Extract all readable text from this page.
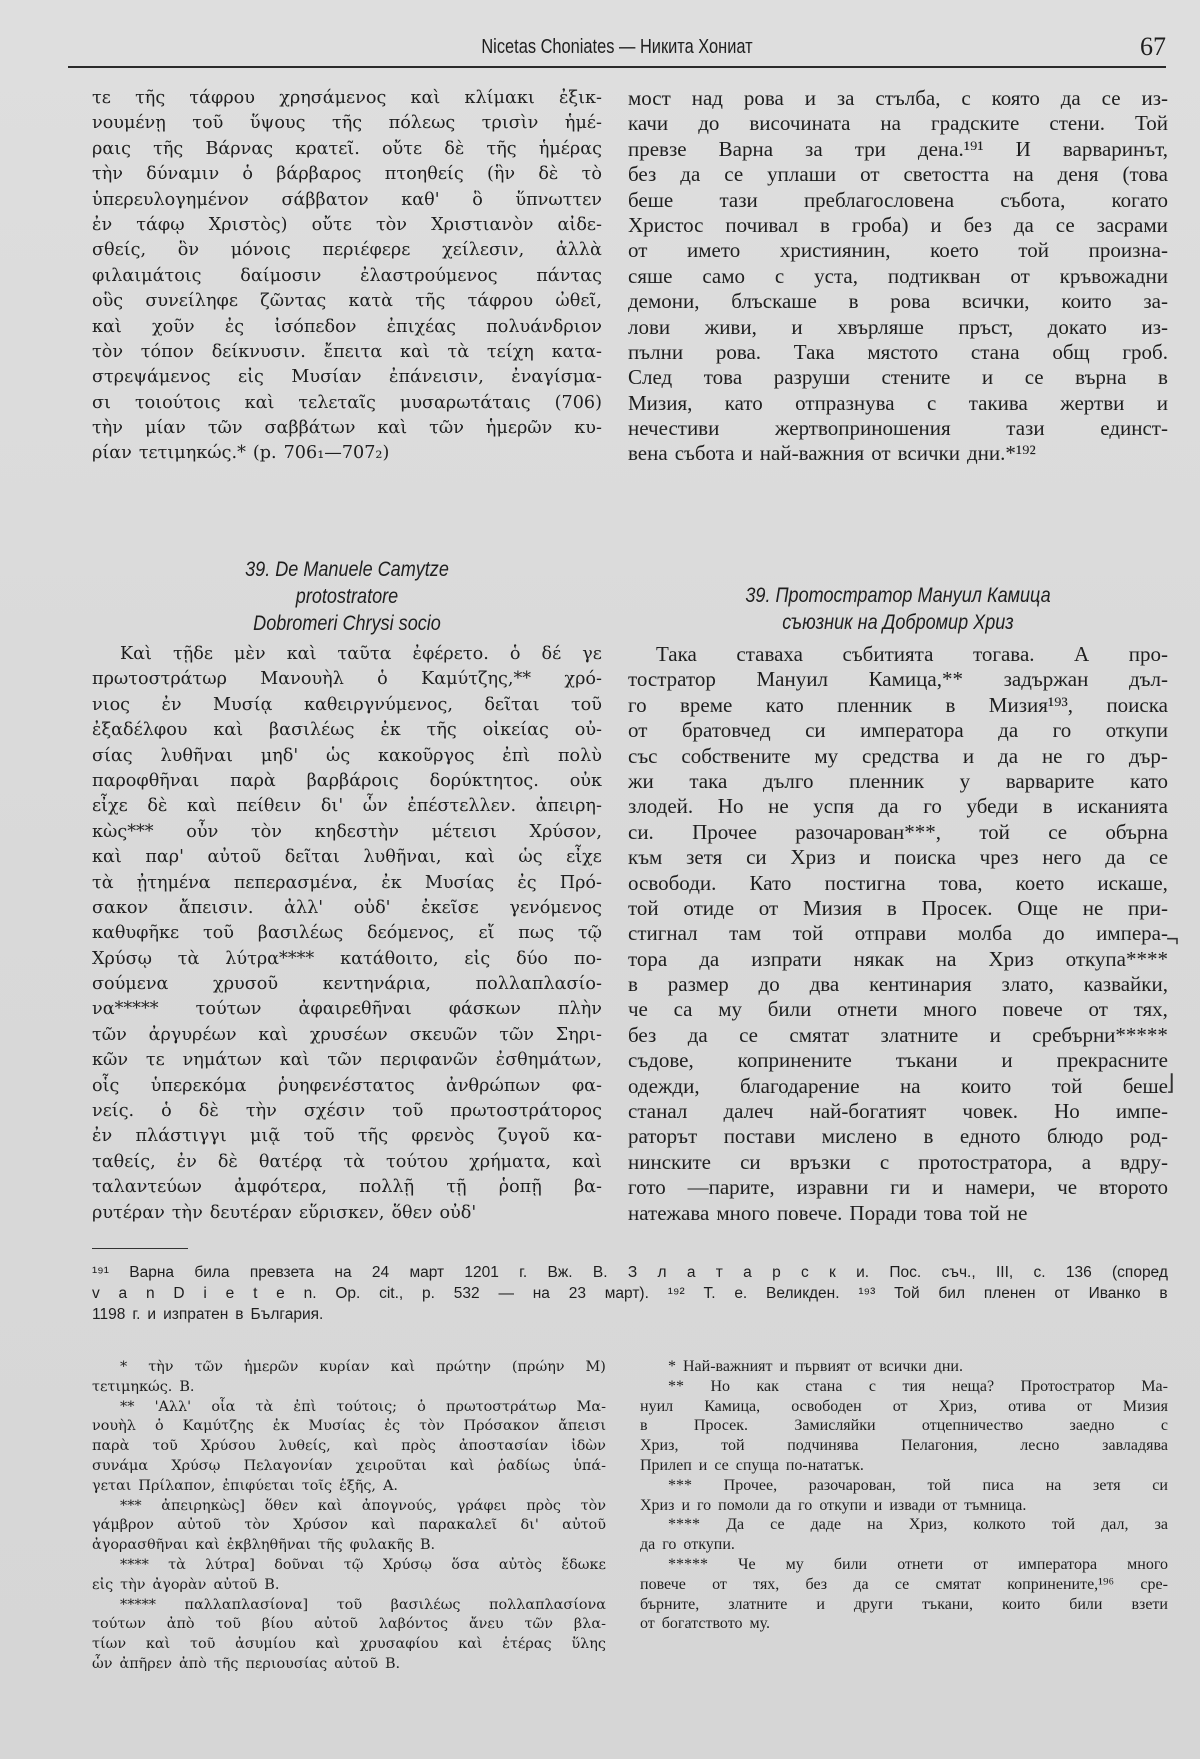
Nicetas Choniates — Никита Хониат	67
τε τῆς τάφρου χρησάμενος καὶ κλίμακι ἐξικ-
νουμένῃ τοῦ ὕψους τῆς πόλεως τρισὶν ἡμέ-
ραις τῆς Βάρνας κρατεῖ. οὔτε δὲ τῆς ἡμέρας
τὴν δύναμιν ὁ βάρβαρος πτοηθείς (ἣν δὲ τὸ
ὑπερευλογημένον σάββατον καθ' ὃ ὕπνωττεν
ἐν τάφῳ Χριστὸς) οὔτε τὸν Χριστιανὸν αἰδε-
σθείς, ὃν μόνοις περιέφερε χείλεσιν, ἀλλὰ
φιλαιμάτοις δαίμοσιν ἐλαστρούμενος πάντας
οὓς συνείληφε ζῶντας κατὰ τῆς τάφρου ὠθεῖ,
καὶ χοῦν ἐς ἰσόπεδον ἐπιχέας πολυάνδριον
τὸν τόπον δείκνυσιν. ἔπειτα καὶ τὰ τείχη κατα-
στρεψάμενος εἰς Μυσίαν ἐπάνεισιν, ἐναγίσμα-
σι τοιούτοις καὶ τελεταῖς μυσαρωτάταις (706)
τὴν μίαν τῶν σαββάτων καὶ τῶν ἡμερῶν κυ-
ρίαν τετιμηκώς.* (p. 706₁—707₂)
39. De Manuele Camytze
protostratore
Dobromeri Chrysi socio
Καὶ τῇδε μὲν καὶ ταῦτα ἐφέρετο. ὁ δέ γε
πρωτοστράτωρ Μανουὴλ ὁ Καμύτζης,** χρό-
νιος ἐν Μυσίᾳ καθειργνύμενος, δεῖται τοῦ
ἐξαδέλφου καὶ βασιλέως ἐκ τῆς οἰκείας οὐ-
σίας λυθῆναι μηδ' ὡς κακοῦργος ἐπὶ πολὺ
παροφθῆναι παρὰ βαρβάροις δορύκτητος. οὐκ
εἶχε δὲ καὶ πείθειν δι' ὧν ἐπέστελλεν. ἀπειρη-
κὼς*** οὖν τὸν κηδεστὴν μέτεισι Χρύσον,
καὶ παρ' αὐτοῦ δεῖται λυθῆναι, καὶ ὡς εἶχε
τὰ ᾐτημένα πεπερασμένα, ἐκ Μυσίας ἐς Πρό-
σακον ἄπεισιν. ἀλλ' οὐδ' ἐκεῖσε γενόμενος
καθυφῆκε τοῦ βασιλέως δεόμενος, εἴ πως τῷ
Χρύσῳ τὰ λύτρα**** κατάθοιτο, εἰς δύο πο-
σούμενα	χρυσοῦ	κεντηνάρια,	πολλαπλασίο-
να***** τούτων ἀφαιρεθῆναι φάσκων πλὴν
τῶν ἀργυρέων καὶ χρυσέων σκευῶν τῶν Σηρι-
κῶν τε νημάτων καὶ τῶν περιφανῶν ἐσθημάτων,
οἷς ὑπερεκόμα ῥυηφενέστατος ἀνθρώπων φα-
νείς. ὁ δὲ τὴν σχέσιν τοῦ πρωτοστράτορος
ἐν πλάστιγγι μιᾷ τοῦ τῆς φρενὸς ζυγοῦ κα-
ταθείς, ἐν δὲ θατέρᾳ τὰ τούτου χρήματα, καὶ
ταλαντεύων ἀμφότερα, πολλῇ τῇ ῥοπῇ βα-
ρυτέραν τὴν δευτέραν εὕρισκεν, ὅθεν οὐδ'
мост над рова и за стълба, с която да се из-
качи до височината на градските стени. Той
превзе Варна за три дена.¹⁹¹ И варваринът,
без да се уплаши от светостта на деня (това
беше тази преблагословена събота, когато
Христос почивал в гроба) и без да се засрами
от името християнин, което той произна-
сяше само с уста, подтикван от кръвожадни
демони, блъскаше в рова всички, които за-
лови живи, и хвърляше пръст, докато из-
пълни рова. Така мястото стана общ гроб.
След това разруши стените и се върна в
Мизия, като отпразнува с такива жертви и
нечестиви	жертвоприношения	тази	единст-
вена събота и най-важния от всички дни.*¹⁹²
39. Протостратор Мануил Камица
съюзник на Добромир Хриз
Така ставаха събитията тогава. А про-
тостратор Мануил Камица,** задържан дъл-
го време като пленник в Мизия¹⁹³, поиска
от братовчед си императора да го откупи
със собствените му средства и да не го дър-
жи така дълго пленник у варварите като
злодей. Но не успя да го убеди в исканията
си. Прочее разочарован***, той се обърна
към зетя си Хриз и поиска чрез него да се
освободи. Като постигна това, което искаше,
той отиде от Мизия в Просек. Още не при-
стигнал там той отправи молба до импера-
тора да изпрати някак на Хриз откупа****
в размер до два кентинария злато, казвайки,
че са му били отнети много повече от тях,
без да се смятат златните и сребърни*****
съдове, копринените тъкани и прекрасните
одежди, благодарение на които той беше
станал далеч най-богатият човек. Но импе-
раторът постави мислено в едното блюдо род-
нинските си връзки с протостратора, а вдру-
гото —парите, изравни ги и намери, че второто
натежава много повече. Поради това той не
¬
⌋
¹⁹¹ Варна била превзета на 24 март 1201 г. Вж. В. З л а т а р с к и. Пос. съч., III, с. 136 (според
v a n D i e t e n. Op. cit., p. 532 — на 23 март). ¹⁹² Т. е. Великден. ¹⁹³ Той бил пленен от Иванко в
1198 г. и изпратен в България.
* τὴν τῶν ἡμερῶν κυρίαν καὶ πρώτην (πρώην M)
τετιμηκώς. B.
** 'Αλλ' οἷα τὰ ἐπὶ τούτοις; ὁ πρωτοστράτωρ Μα-
νουὴλ ὁ Καμύτζης ἐκ Μυσίας ἐς τὸν Πρόσακον ἄπεισι
παρὰ τοῦ Χρύσου λυθείς, καὶ πρὸς ἀποστασίαν ἰδὼν
συνάμα Χρύσῳ Πελαγονίαν χειροῦται καὶ ῥαδίως ὑπά-
γεται Πρίλαπον, ἐπιφύεται τοῖς ἑξῆς, A.
*** ἀπειρηκὼς] ὅθεν καὶ ἀπογνούς, γράφει πρὸς τὸν
γάμβρον αὐτοῦ τὸν Χρύσον καὶ παρακαλεῖ δι' αὐτοῦ
ἀγορασθῆναι καὶ ἐκβληθῆναι τῆς φυλακῆς B.
**** τὰ λύτρα] δοῦναι τῷ Χρύσῳ ὅσα αὐτὸς ἔδωκε
εἰς τὴν ἀγορὰν αὐτοῦ B.
***** παλλαπλασίονα] τοῦ βασιλέως πολλαπλασίονα
τούτων ἀπὸ τοῦ βίου αὐτοῦ λαβόντος ἄνευ τῶν βλα-
τίων καὶ τοῦ ἀσυμίου καὶ χρυσαφίου καὶ ἑτέρας ὕλης
ὧν ἀπῆρεν ἀπὸ τῆς περιουσίας αὐτοῦ B.
* Най-важният и първият от всички дни.
** Но как стана с тия неща? Протостратор Ма-
нуил Камица, освободен от Хриз, отива от Мизия
в	Просек.	Замисляйки	отцепничество	заедно	с
Хриз,	той	подчинява	Пелагония,	лесно	завладява
Прилеп и се спуща по-нататък.
*** Прочее, разочарован, той писа на зетя си
Хриз и го помоли да го откупи и извади от тъмница.
**** Да се даде на Хриз, колкото той дал, за
да го откупи.
***** Че му били отнети от императора много
повече от тях, без да се смятат копринените,¹⁹⁶ сре-
бърните, златните и други тъкани, които били взети
от богатството му.
